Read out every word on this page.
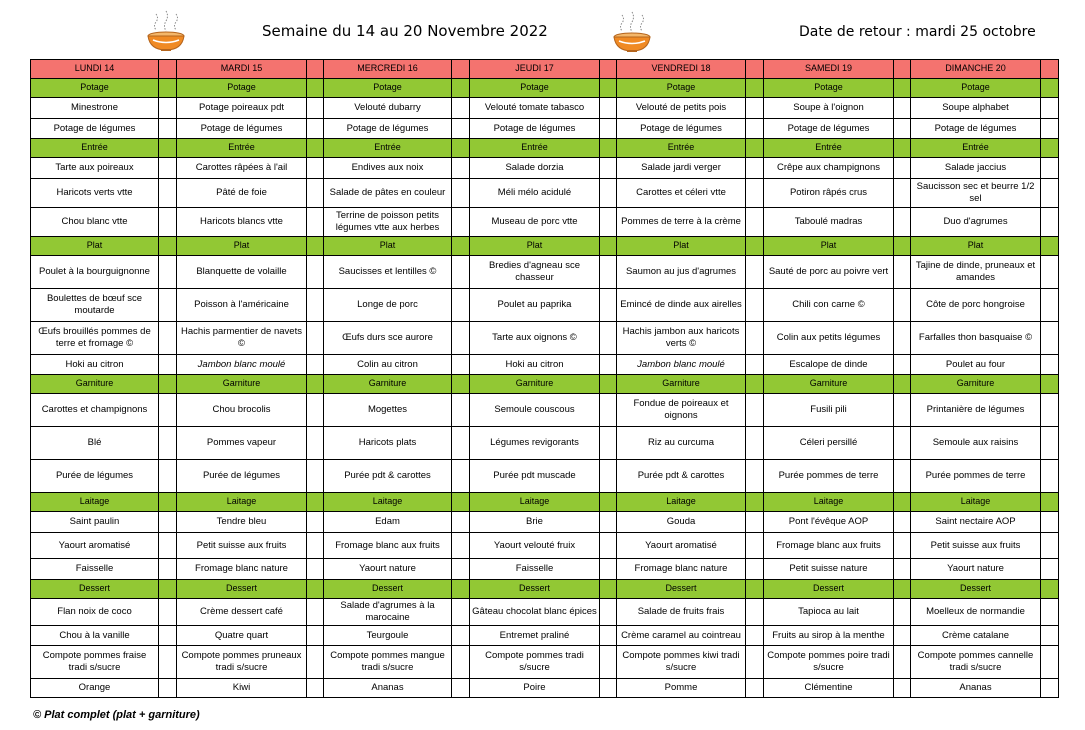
Semaine du 14 au 20 Novembre 2022	Date de retour : mardi 25 octobre
LUNDI 14		MARDI 15		MERCREDI 16		JEUDI 17		VENDREDI 18		SAMEDI 19		DIMANCHE 20	
Potage		Potage		Potage		Potage		Potage		Potage		Potage	
Minestrone		Potage poireaux pdt		Velouté dubarry		Velouté tomate tabasco		Velouté de petits pois		Soupe à l'oignon		Soupe alphabet	
Potage de légumes		Potage de légumes		Potage de légumes		Potage de légumes		Potage de légumes		Potage de légumes		Potage de légumes	
Entrée		Entrée		Entrée		Entrée		Entrée		Entrée		Entrée	
Tarte aux poireaux		Carottes râpées à l'ail		Endives aux noix		Salade dorzia		Salade jardi verger		Crêpe aux champignons		Salade jaccius	
Haricots verts vtte		Pâté de foie		Salade de pâtes en couleur		Méli mélo acidulé		Carottes et céleri vtte		Potiron râpés crus		Saucisson sec et beurre 1/2 sel	
Chou blanc vtte		Haricots blancs vtte		Terrine de poisson petits légumes vtte aux herbes		Museau de porc vtte		Pommes de terre à la crème		Taboulé madras		Duo d'agrumes	
Plat		Plat		Plat		Plat		Plat		Plat		Plat	
Poulet à la bourguignonne		Blanquette de volaille		Saucisses et lentilles ©		Bredies d'agneau sce chasseur		Saumon au jus d'agrumes		Sauté de porc au poivre vert		Tajine de dinde, pruneaux et amandes	
Boulettes de bœuf sce moutarde		Poisson à l'américaine		Longe de porc		Poulet au paprika		Emincé de dinde aux airelles		Chili con carne ©		Côte de porc hongroise	
Œufs brouillés pommes de terre et fromage ©		Hachis parmentier de navets ©		Œufs durs sce aurore		Tarte aux oignons ©		Hachis jambon aux haricots verts ©		Colin aux petits légumes		Farfalles thon basquaise ©	
Hoki au citron		Jambon blanc moulé		Colin au citron		Hoki au citron		Jambon blanc moulé		Escalope de dinde		Poulet au four	
Garniture		Garniture		Garniture		Garniture		Garniture		Garniture		Garniture	
Carottes et champignons		Chou brocolis		Mogettes		Semoule couscous		Fondue de poireaux et oignons		Fusili pili		Printanière de légumes	
Blé		Pommes vapeur		Haricots plats		Légumes revigorants		Riz au curcuma		Céleri persillé		Semoule aux raisins	
Purée de légumes		Purée de légumes		Purée pdt & carottes		Purée pdt muscade		Purée pdt & carottes		Purée pommes de terre		Purée pommes de terre	
Laitage		Laitage		Laitage		Laitage		Laitage		Laitage		Laitage	
Saint paulin		Tendre bleu		Edam		Brie		Gouda		Pont l'évêque AOP		Saint nectaire AOP	
Yaourt aromatisé		Petit suisse aux fruits		Fromage blanc aux fruits		Yaourt velouté fruix		Yaourt aromatisé		Fromage blanc aux fruits		Petit suisse aux fruits	
Faisselle		Fromage blanc nature		Yaourt nature		Faisselle		Fromage blanc nature		Petit suisse nature		Yaourt nature	
Dessert		Dessert		Dessert		Dessert		Dessert		Dessert		Dessert	
Flan noix de coco		Crème dessert café		Salade d'agrumes à la marocaine		Gâteau chocolat blanc épices		Salade de fruits frais		Tapioca au lait		Moelleux de normandie	
Chou à la vanille		Quatre quart		Teurgoule		Entremet praliné		Crème caramel au cointreau		Fruits au sirop à la menthe		Crème catalane	
Compote pommes fraise tradi s/sucre		Compote pommes pruneaux tradi s/sucre		Compote pommes mangue tradi s/sucre		Compote pommes tradi s/sucre		Compote pommes kiwi tradi s/sucre		Compote pommes poire tradi s/sucre		Compote pommes cannelle tradi s/sucre	
Orange		Kiwi		Ananas		Poire		Pomme		Clémentine		Ananas	
© Plat complet (plat + garniture)
